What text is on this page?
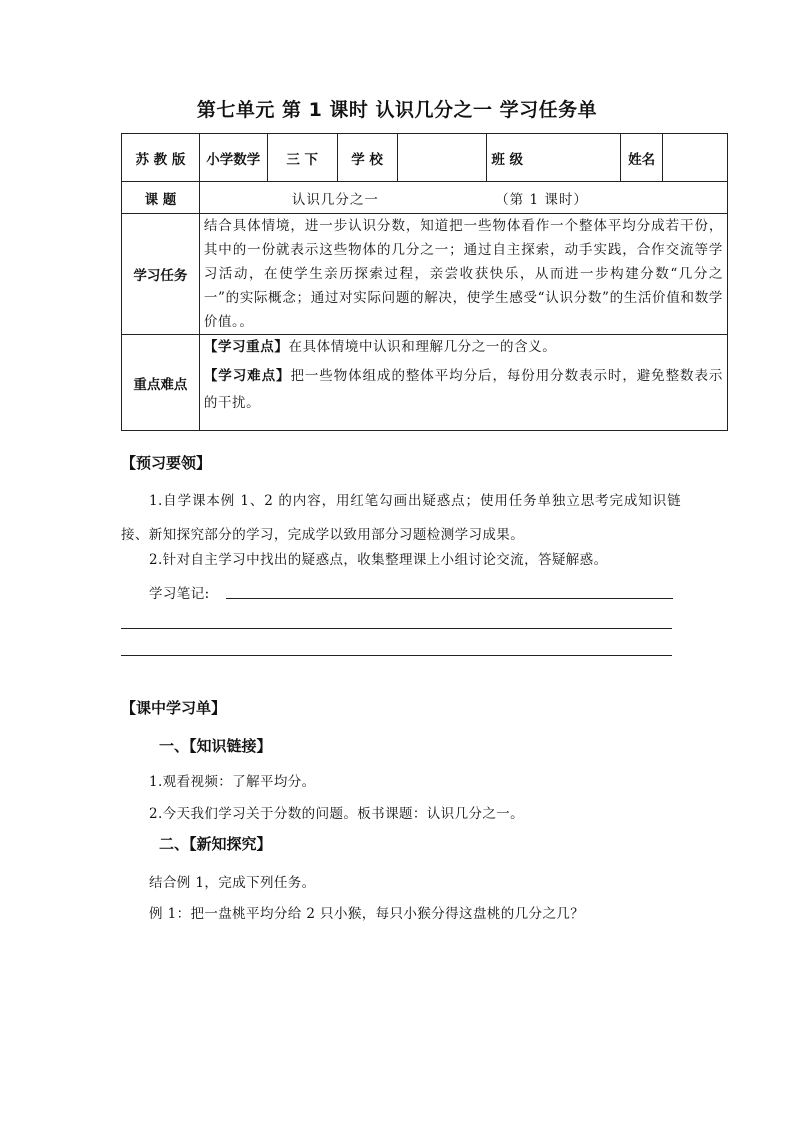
第七单元 第 1 课时 认识几分之一 学习任务单
苏 教 版	小学数学	三 下	学 校		班 级	姓名	
课 题	认识几分之一 （第 1 课时）						
学习任务	结合具体情境，进一步认识分数，知道把一些物体看作一个整体平均分成若干份，其中的一份就表示这些物体的几分之一；通过自主探索，动手实践，合作交流等学习活动，在使学生亲历探索过程，亲尝收获快乐，从而进一步构建分数“几分之一”的实际概念；通过对实际问题的解决，使学生感受“认识分数”的生活价值和数学价值。。						
重点难点	【学习重点】在具体情境中认识和理解几分之一的含义。
【学习难点】把一些物体组成的整体平均分后，每份用分数表示时，避免整数表示的干扰。						
【预习要领】
1.自学课本例 1、2 的内容，用红笔勾画出疑惑点；使用任务单独立思考完成知识链接、新知探究部分的学习，完成学以致用部分习题检测学习成果。
2.针对自主学习中找出的疑惑点，收集整理课上小组讨论交流，答疑解惑。
学习笔记:
【课中学习单】
一、【知识链接】
1.观看视频：了解平均分。
2.今天我们学习关于分数的问题。板书课题：认识几分之一。
二、【新知探究】
结合例 1，完成下列任务。
例 1：把一盘桃平均分给 2 只小猴，每只小猴分得这盘桃的几分之几？
